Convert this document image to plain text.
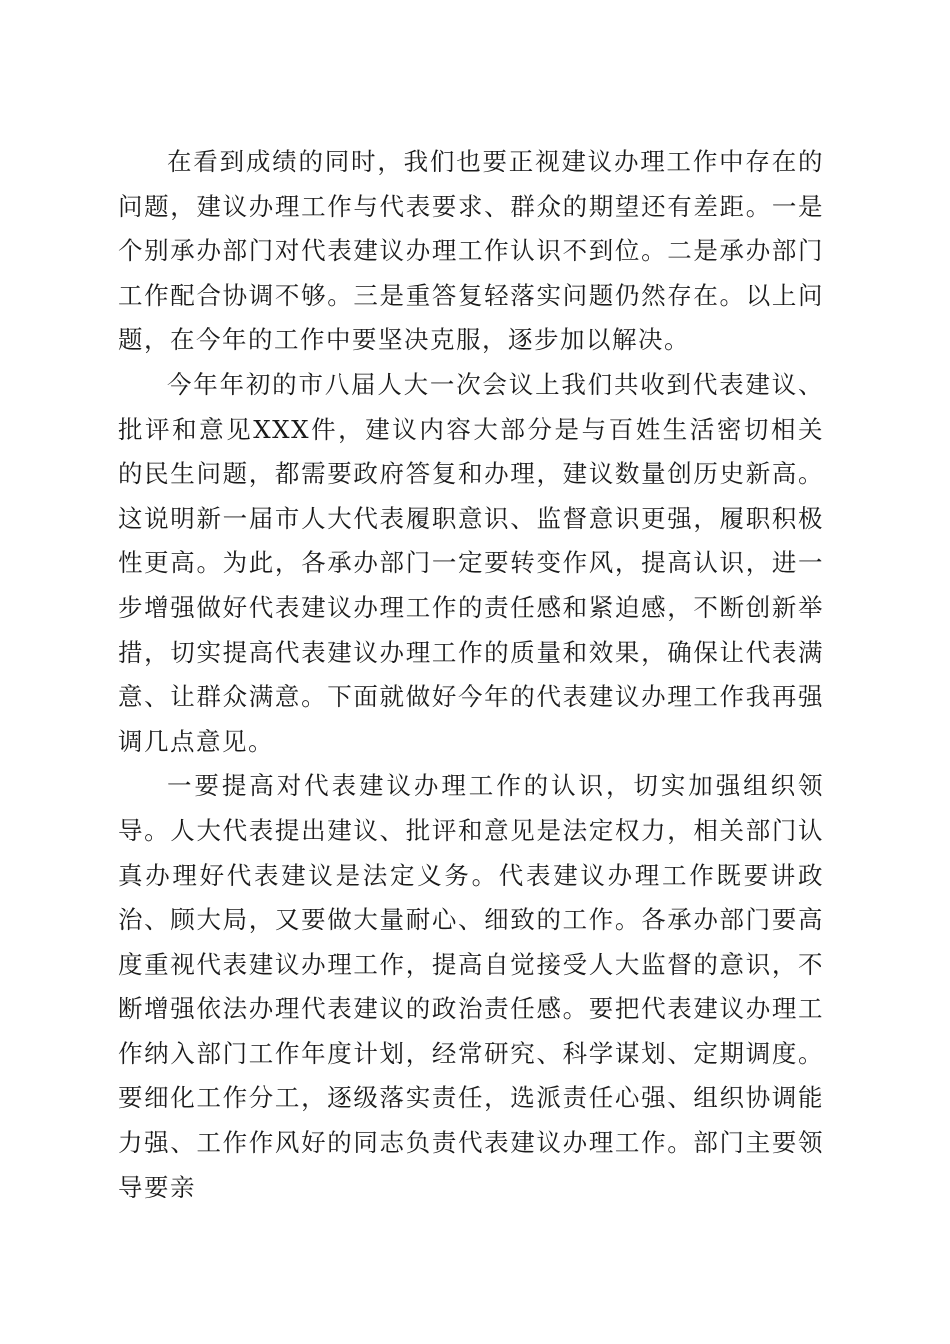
在看到成绩的同时，我们也要正视建议办理工作中存在的问题，建议办理工作与代表要求、群众的期望还有差距。一是个别承办部门对代表建议办理工作认识不到位。二是承办部门工作配合协调不够。三是重答复轻落实问题仍然存在。以上问题，在今年的工作中要坚决克服，逐步加以解决。

今年年初的市八届人大一次会议上我们共收到代表建议、批评和意见XXX件，建议内容大部分是与百姓生活密切相关的民生问题，都需要政府答复和办理，建议数量创历史新高。这说明新一届市人大代表履职意识、监督意识更强，履职积极性更高。为此，各承办部门一定要转变作风，提高认识，进一步增强做好代表建议办理工作的责任感和紧迫感，不断创新举措，切实提高代表建议办理工作的质量和效果，确保让代表满意、让群众满意。下面就做好今年的代表建议办理工作我再强调几点意见。

一要提高对代表建议办理工作的认识，切实加强组织领导。人大代表提出建议、批评和意见是法定权力，相关部门认真办理好代表建议是法定义务。代表建议办理工作既要讲政治、顾大局，又要做大量耐心、细致的工作。各承办部门要高度重视代表建议办理工作，提高自觉接受人大监督的意识，不断增强依法办理代表建议的政治责任感。要把代表建议办理工作纳入部门工作年度计划，经常研究、科学谋划、定期调度。要细化工作分工，逐级落实责任，选派责任心强、组织协调能力强、工作作风好的同志负责代表建议办理工作。部门主要领导要亲
